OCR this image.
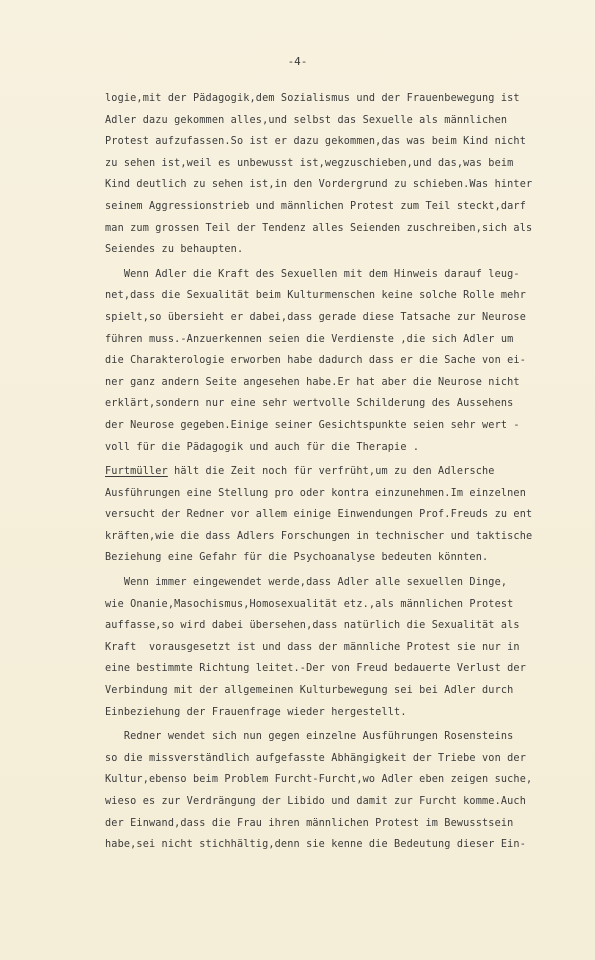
-4-
logie,mit der Pädagogik,dem Sozialismus und der Frauenbewegung ist
Adler dazu gekommen alles,und selbst das Sexuelle als männlichen
Protest aufzufassen.So ist er dazu gekommen,das was beim Kind nicht
zu sehen ist,weil es unbewusst ist,wegzuschieben,und das,was beim
Kind deutlich zu sehen ist,in den Vordergrund zu schieben.Was hinter
seinem Aggressionstrieb und männlichen Protest zum Teil steckt,darf
man zum grossen Teil der Tendenz alles Seienden zuschreiben,sich als
Seiendes zu behaupten.
Wenn Adler die Kraft des Sexuellen mit dem Hinweis darauf leug-
net,dass die Sexualität beim Kulturmenschen keine solche Rolle mehr
spielt,so übersieht er dabei,dass gerade diese Tatsache zur Neurose
führen muss.-Anzuerkennen seien die Verdienste ,die sich Adler um
die Charakterologie erworben habe dadurch dass er die Sache von ei-
ner ganz andern Seite angesehen habe.Er hat aber die Neurose nicht
erklärt,sondern nur eine sehr wertvolle Schilderung des Aussehens
der Neurose gegeben.Einige seiner Gesichtspunkte seien sehr wert -
voll für die Pädagogik und auch für die Therapie .
Furtmüller hält die Zeit noch für verfrüht,um zu den Adlersche
Ausführungen eine Stellung pro oder kontra einzunehmen.Im einzelnen
versucht der Redner vor allem einige Einwendungen Prof.Freuds zu ent
kräften,wie die dass Adlers Forschungen in technischer und taktische
Beziehung eine Gefahr für die Psychoanalyse bedeuten könnten.
Wenn immer eingewendet werde,dass Adler alle sexuellen Dinge,
wie Onanie,Masochismus,Homosexualität etz.,als männlichen Protest
auffasse,so wird dabei übersehen,dass natürlich die Sexualität als
Kraft  vorausgesetzt ist und dass der männliche Protest sie nur in
eine bestimmte Richtung leitet.-Der von Freud bedauerte Verlust der
Verbindung mit der allgemeinen Kulturbewegung sei bei Adler durch
Einbeziehung der Frauenfrage wieder hergestellt.
Redner wendet sich nun gegen einzelne Ausführungen Rosensteins
so die missverständlich aufgefasste Abhängigkeit der Triebe von der
Kultur,ebenso beim Problem Furcht-Furcht,wo Adler eben zeigen suche,
wieso es zur Verdrängung der Libido und damit zur Furcht komme.Auch
der Einwand,dass die Frau ihren männlichen Protest im Bewusstsein
habe,sei nicht stichhältig,denn sie kenne die Bedeutung dieser Ein-
